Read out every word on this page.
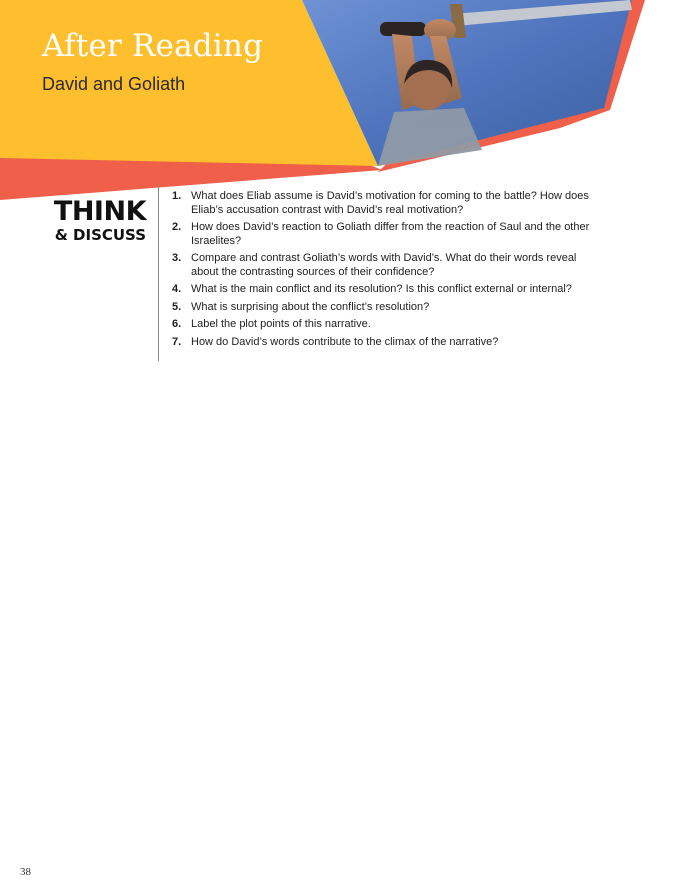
After Reading
David and Goliath
THINK
& DISCUSS
1. What does Eliab assume is David’s motivation for coming to the battle? How does Eliab’s accusation contrast with David’s real motivation?
2. How does David’s reaction to Goliath differ from the reaction of Saul and the other Israelites?
3. Compare and contrast Goliath’s words with David’s. What do their words reveal about the contrasting sources of their confidence?
4. What is the main conflict and its resolution? Is this conflict external or internal?
5. What is surprising about the conflict’s resolution?
6. Label the plot points of this narrative.
7. How do David’s words contribute to the climax of the narrative?
38
